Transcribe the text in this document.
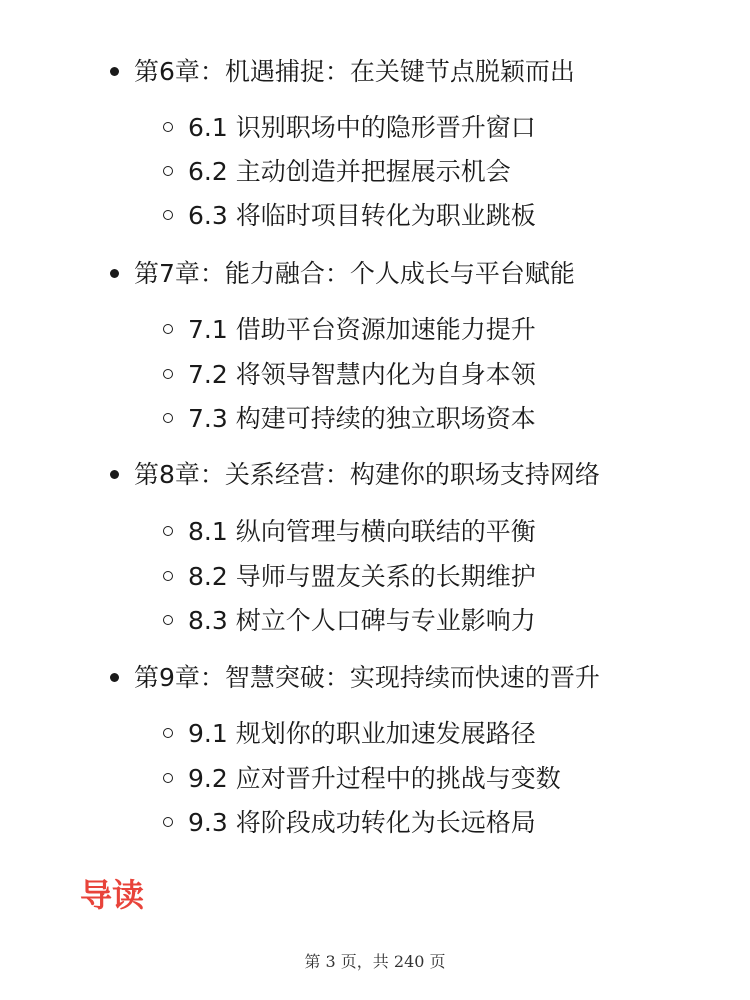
第6章：机遇捕捉：在关键节点脱颖而出
6.1 识别职场中的隐形晋升窗口
6.2 主动创造并把握展示机会
6.3 将临时项目转化为职业跳板
第7章：能力融合：个人成长与平台赋能
7.1 借助平台资源加速能力提升
7.2 将领导智慧内化为自身本领
7.3 构建可持续的独立职场资本
第8章：关系经营：构建你的职场支持网络
8.1 纵向管理与横向联结的平衡
8.2 导师与盟友关系的长期维护
8.3 树立个人口碑与专业影响力
第9章：智慧突破：实现持续而快速的晋升
9.1 规划你的职业加速发展路径
9.2 应对晋升过程中的挑战与变数
9.3 将阶段成功转化为长远格局
导读
第 3 页，共 240 页
